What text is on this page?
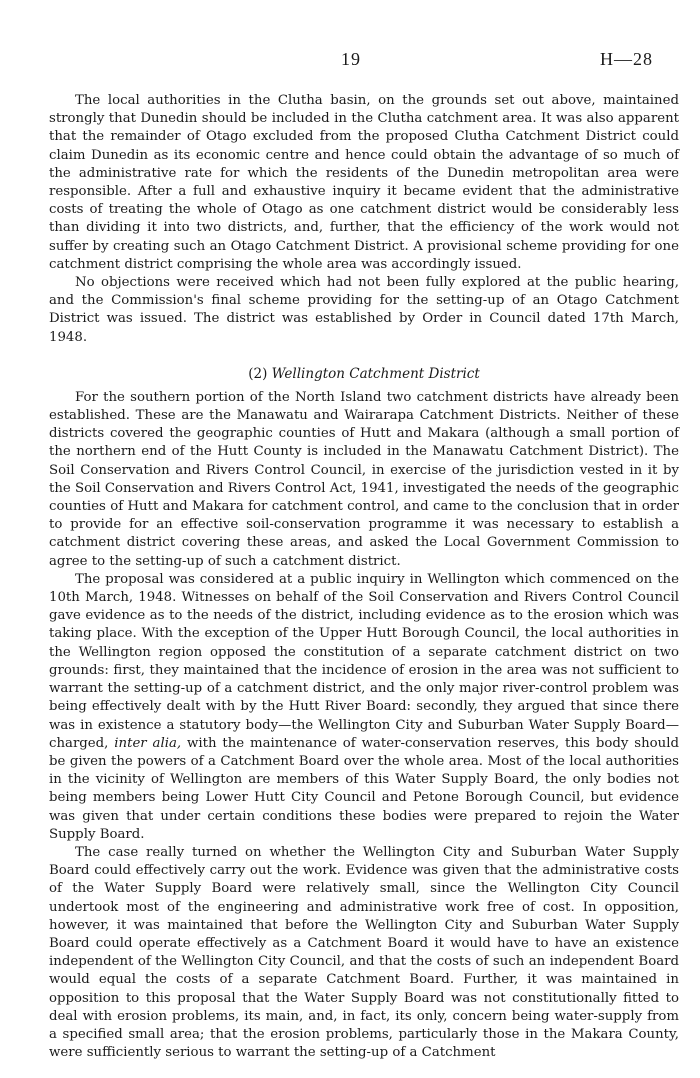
19	H—28

The local authorities in the Clutha basin, on the grounds set out above, maintained strongly that Dunedin should be included in the Clutha catchment area. It was also apparent that the remainder of Otago excluded from the proposed Clutha Catchment District could claim Dunedin as its economic centre and hence could obtain the advantage of so much of the administrative rate for which the residents of the Dunedin metropolitan area were responsible. After a full and exhaustive inquiry it became evident that the administrative costs of treating the whole of Otago as one catchment district would be considerably less than dividing it into two districts, and, further, that the efficiency of the work would not suffer by creating such an Otago Catchment District. A provisional scheme providing for one catchment district comprising the whole area was accordingly issued.

No objections were received which had not been fully explored at the public hearing, and the Commission's final scheme providing for the setting-up of an Otago Catchment District was issued. The district was established by Order in Council dated 17th March, 1948.

(2) Wellington Catchment District

For the southern portion of the North Island two catchment districts have already been established. These are the Manawatu and Wairarapa Catchment Districts. Neither of these districts covered the geographic counties of Hutt and Makara (although a small portion of the northern end of the Hutt County is included in the Manawatu Catchment District). The Soil Conservation and Rivers Control Council, in exercise of the jurisdiction vested in it by the Soil Conservation and Rivers Control Act, 1941, investigated the needs of the geographic counties of Hutt and Makara for catchment control, and came to the conclusion that in order to provide for an effective soil-conservation programme it was necessary to establish a catchment district covering these areas, and asked the Local Government Commission to agree to the setting-up of such a catchment district.

The proposal was considered at a public inquiry in Wellington which commenced on the 10th March, 1948. Witnesses on behalf of the Soil Conservation and Rivers Control Council gave evidence as to the needs of the district, including evidence as to the erosion which was taking place. With the exception of the Upper Hutt Borough Council, the local authorities in the Wellington region opposed the constitution of a separate catchment district on two grounds: first, they maintained that the incidence of erosion in the area was not sufficient to warrant the setting-up of a catchment district, and the only major river-control problem was being effectively dealt with by the Hutt River Board: secondly, they argued that since there was in existence a statutory body—the Wellington City and Suburban Water Supply Board—charged, inter alia, with the maintenance of water-conservation reserves, this body should be given the powers of a Catchment Board over the whole area. Most of the local authorities in the vicinity of Wellington are members of this Water Supply Board, the only bodies not being members being Lower Hutt City Council and Petone Borough Council, but evidence was given that under certain conditions these bodies were prepared to rejoin the Water Supply Board.

The case really turned on whether the Wellington City and Suburban Water Supply Board could effectively carry out the work. Evidence was given that the administrative costs of the Water Supply Board were relatively small, since the Wellington City Council undertook most of the engineering and administrative work free of cost. In opposition, however, it was maintained that before the Wellington City and Suburban Water Supply Board could operate effectively as a Catchment Board it would have to have an existence independent of the Wellington City Council, and that the costs of such an independent Board would equal the costs of a separate Catchment Board. Further, it was maintained in opposition to this proposal that the Water Supply Board was not constitutionally fitted to deal with erosion problems, its main, and, in fact, its only, concern being water-supply from a specified small area; that the erosion problems, particularly those in the Makara County, were sufficiently serious to warrant the setting-up of a Catchment
